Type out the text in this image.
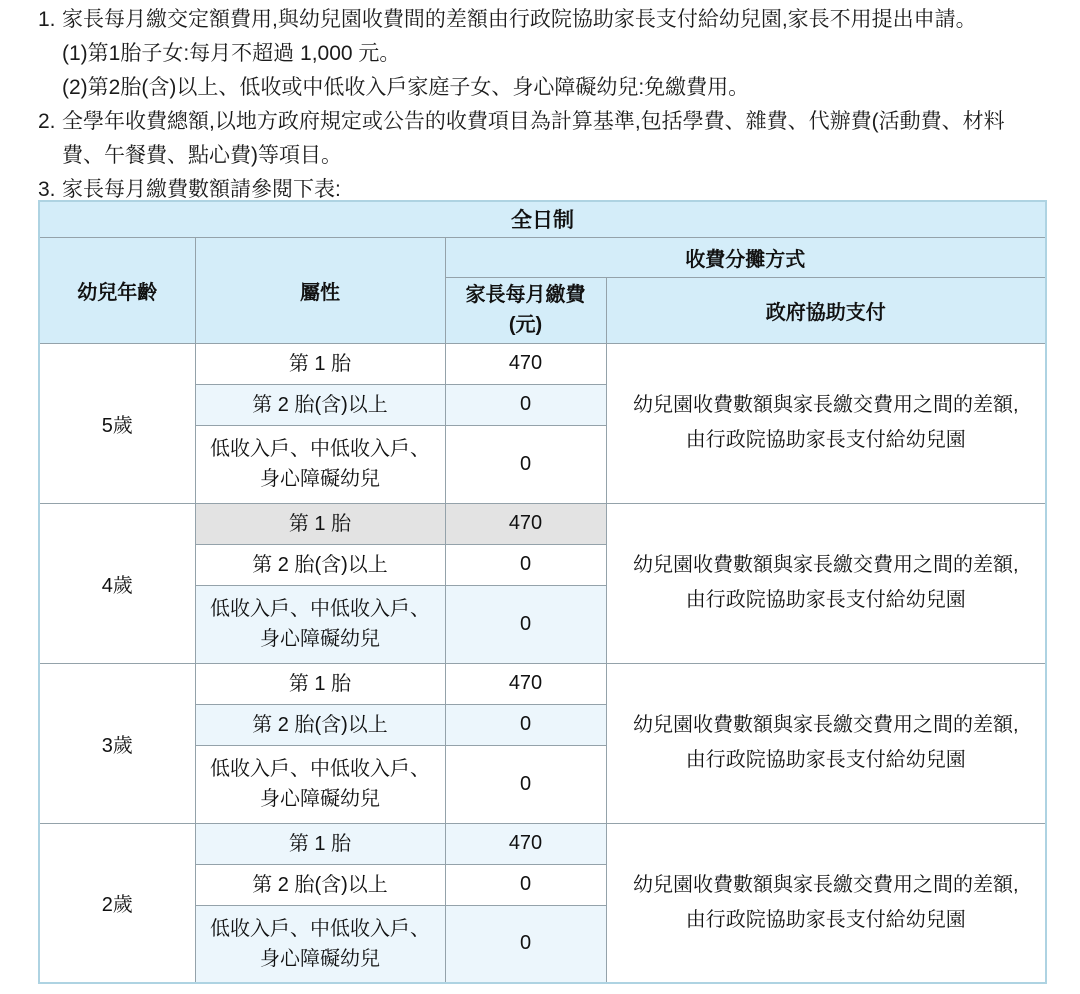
1. 家長每月繳交定額費用,與幼兒園收費間的差額由行政院協助家長支付給幼兒園,家長不用提出申請。
(1)第1胎子女:每月不超過 1,000 元。
(2)第2胎(含)以上、低收或中低收入戶家庭子女、身心障礙幼兒:免繳費用。
2. 全學年收費總額,以地方政府規定或公告的收費項目為計算基準,包括學費、雜費、代辦費(活動費、材料費、午餐費、點心費)等項目。
3. 家長每月繳費數額請參閱下表:
全日制			
幼兒年齡	屬性	收費分攤方式	

		家長每月繳費
(元)	政府協助支付
5歲	第 1 胎	470	幼兒園收費數額與家長繳交費用之間的差額,由行政院協助家長支付給幼兒園

	第 2 胎(含)以上	0	

	低收入戶、中低收入戶、身心障礙幼兒	0	
4歲	第 1 胎	470	幼兒園收費數額與家長繳交費用之間的差額,由行政院協助家長支付給幼兒園

	第 2 胎(含)以上	0	

	低收入戶、中低收入戶、身心障礙幼兒	0	
3歲	第 1 胎	470	幼兒園收費數額與家長繳交費用之間的差額,由行政院協助家長支付給幼兒園

	第 2 胎(含)以上	0	

	低收入戶、中低收入戶、身心障礙幼兒	0	
2歲	第 1 胎	470	幼兒園收費數額與家長繳交費用之間的差額,由行政院協助家長支付給幼兒園

	第 2 胎(含)以上	0	

	低收入戶、中低收入戶、身心障礙幼兒	0	
